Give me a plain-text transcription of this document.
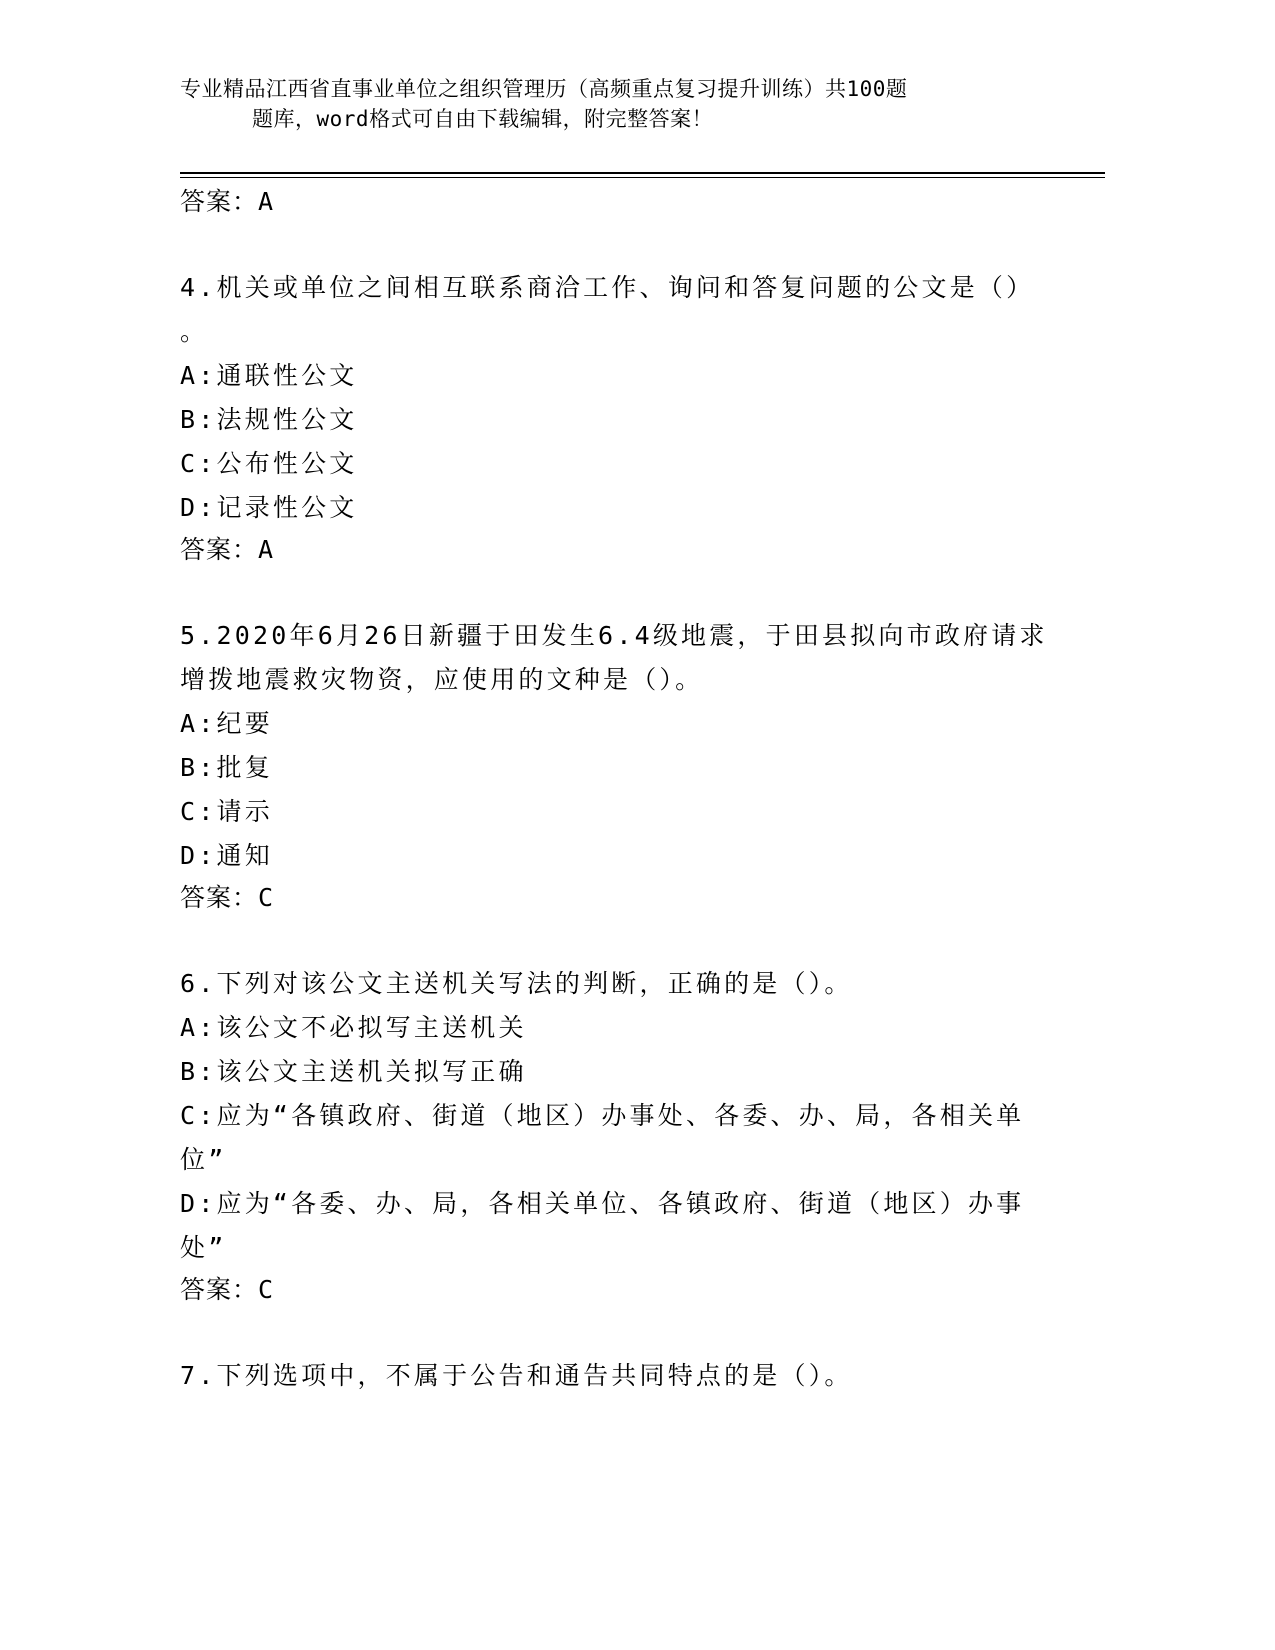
专业精品江西省直事业单位之组织管理历（高频重点复习提升训练）共100题

题库，word格式可自由下载编辑，附完整答案！

答案：A

4.机关或单位之间相互联系商洽工作、询问和答复问题的公文是（）
。
A:通联性公文
B:法规性公文
C:公布性公文
D:记录性公文

答案：A

5.2020年6月26日新疆于田发生6.4级地震，于田县拟向市政府请求
增拨地震救灾物资，应使用的文种是（）。
A:纪要
B:批复
C:请示
D:通知

答案：C

6.下列对该公文主送机关写法的判断，正确的是（）。
A:该公文不必拟写主送机关
B:该公文主送机关拟写正确
C:应为“各镇政府、街道（地区）办事处、各委、办、局，各相关单
位”
D:应为“各委、办、局，各相关单位、各镇政府、街道（地区）办事
处”

答案：C

7.下列选项中，不属于公告和通告共同特点的是（）。
